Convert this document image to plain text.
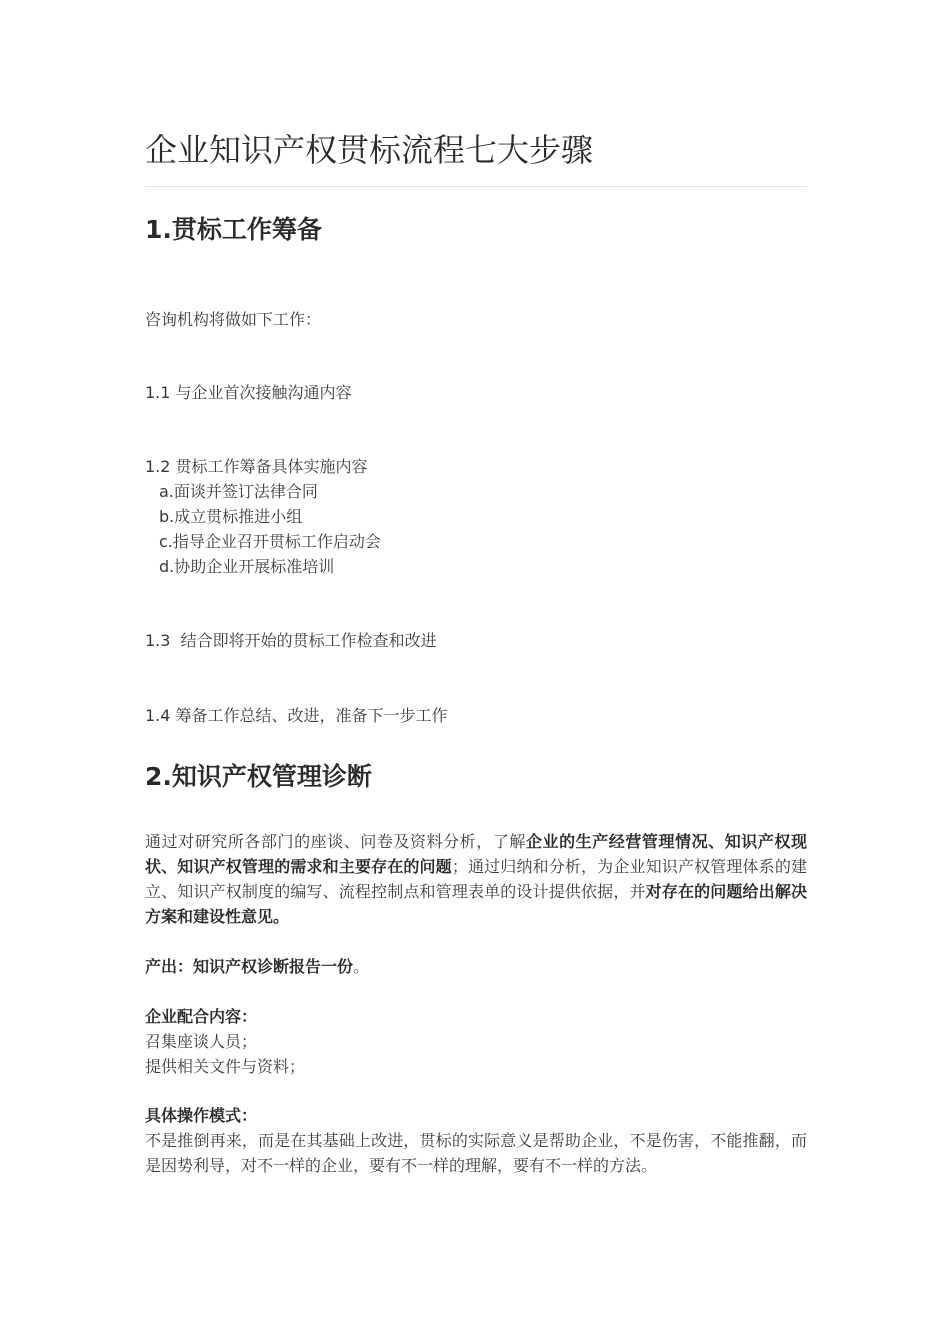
企业知识产权贯标流程七大步骤
1.贯标工作筹备
咨询机构将做如下工作：
1.1 与企业首次接触沟通内容
1.2 贯标工作筹备具体实施内容
a.面谈并签订法律合同
b.成立贯标推进小组
c.指导企业召开贯标工作启动会
d.协助企业开展标准培训
1.3  结合即将开始的贯标工作检查和改进
1.4 筹备工作总结、改进，准备下一步工作
2.知识产权管理诊断

通过对研究所各部门的座谈、问卷及资料分析，了解企业的生产经营管理情况、知识产权现状、知识产权管理的需求和主要存在的问题；通过归纳和分析，为企业知识产权管理体系的建立、知识产权制度的编写、流程控制点和管理表单的设计提供依据，并对存在的问题给出解决方案和建设性意见。

产出：知识产权诊断报告一份。
企业配合内容：
召集座谈人员；
提供相关文件与资料；
具体操作模式：

不是推倒再来，而是在其基础上改进，贯标的实际意义是帮助企业，不是伤害，不能推翻，而是因势利导，对不一样的企业，要有不一样的理解，要有不一样的方法。
